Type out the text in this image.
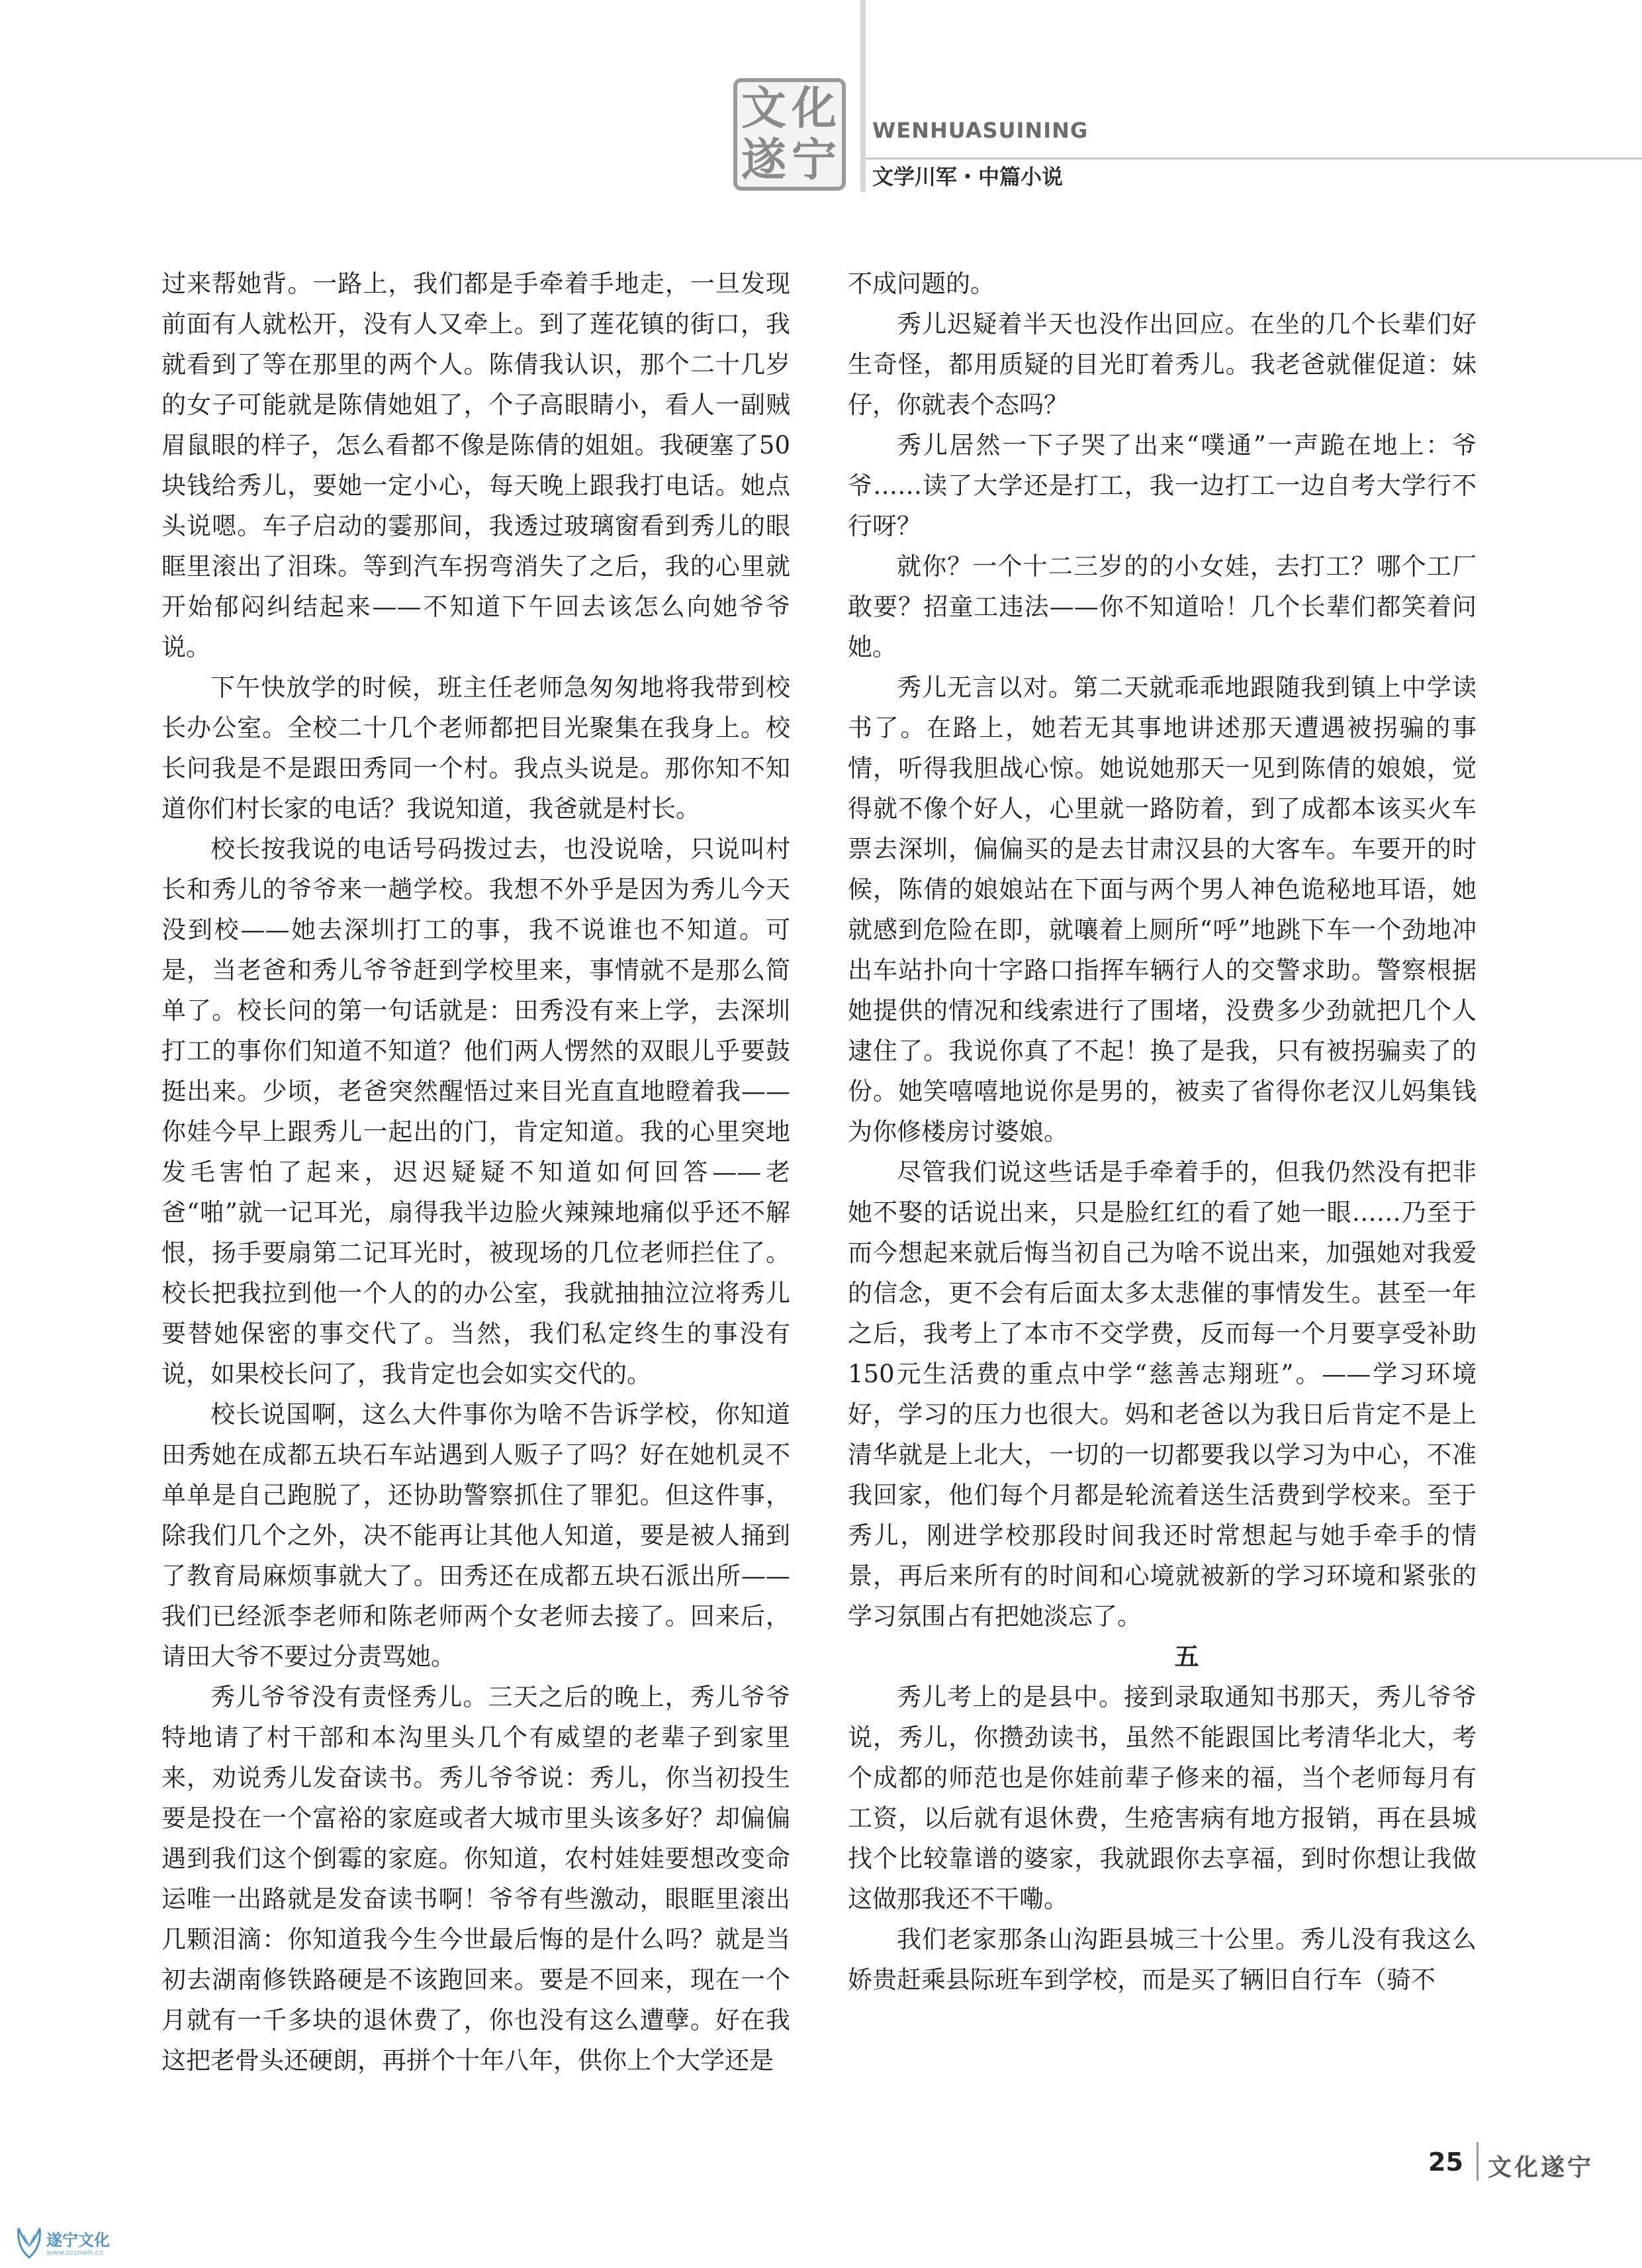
化
文
宁
遂
WENHUASUINING
文学川军・中篇小说

过来帮她背。一路上，我们都是手牵着手地走，一旦发现前面有人就松开，没有人又牵上。到了莲花镇的街口，我就看到了等在那里的两个人。陈倩我认识，那个二十几岁的女子可能就是陈倩她姐了，个子高眼睛小，看人一副贼眉鼠眼的样子，怎么看都不像是陈倩的姐姐。我硬塞了50块钱给秀儿，要她一定小心，每天晚上跟我打电话。她点头说嗯。车子启动的霎那间，我透过玻璃窗看到秀儿的眼眶里滚出了泪珠。等到汽车拐弯消失了之后，我的心里就开始郁闷纠结起来——不知道下午回去该怎么向她爷爷说。

下午快放学的时候，班主任老师急匆匆地将我带到校长办公室。全校二十几个老师都把目光聚集在我身上。校长问我是不是跟田秀同一个村。我点头说是。那你知不知道你们村长家的电话？我说知道，我爸就是村长。

校长按我说的电话号码拨过去，也没说啥，只说叫村长和秀儿的爷爷来一趟学校。我想不外乎是因为秀儿今天没到校——她去深圳打工的事，我不说谁也不知道。可是，当老爸和秀儿爷爷赶到学校里来，事情就不是那么简单了。校长问的第一句话就是：田秀没有来上学，去深圳打工的事你们知道不知道？他们两人愣然的双眼儿乎要鼓挺出来。少顷，老爸突然醒悟过来目光直直地瞪着我——你娃今早上跟秀儿一起出的门，肯定知道。我的心里突地发毛害怕了起来，迟迟疑疑不知道如何回答——老爸“啪”就一记耳光，扇得我半边脸火辣辣地痛似乎还不解恨，扬手要扇第二记耳光时，被现场的几位老师拦住了。校长把我拉到他一个人的的办公室，我就抽抽泣泣将秀儿要替她保密的事交代了。当然，我们私定终生的事没有说，如果校长问了，我肯定也会如实交代的。

校长说国啊，这么大件事你为啥不告诉学校，你知道田秀她在成都五块石车站遇到人贩子了吗？好在她机灵不单单是自己跑脱了，还协助警察抓住了罪犯。但这件事，除我们几个之外，决不能再让其他人知道，要是被人捅到了教育局麻烦事就大了。田秀还在成都五块石派出所——我们已经派李老师和陈老师两个女老师去接了。回来后，请田大爷不要过分责骂她。

秀儿爷爷没有责怪秀儿。三天之后的晚上，秀儿爷爷特地请了村干部和本沟里头几个有威望的老辈子到家里来，劝说秀儿发奋读书。秀儿爷爷说：秀儿，你当初投生要是投在一个富裕的家庭或者大城市里头该多好？却偏偏遇到我们这个倒霉的家庭。你知道，农村娃娃要想改变命运唯一出路就是发奋读书啊！爷爷有些激动，眼眶里滚出几颗泪滴：你知道我今生今世最后悔的是什么吗？就是当初去湖南修铁路硬是不该跑回来。要是不回来，现在一个月就有一千多块的退休费了，你也没有这么遭孽。好在我这把老骨头还硬朗，再拼个十年八年，供你上个大学还是

不成问题的。

秀儿迟疑着半天也没作出回应。在坐的几个长辈们好生奇怪，都用质疑的目光盯着秀儿。我老爸就催促道：妹仔，你就表个态吗？

秀儿居然一下子哭了出来“噗通”一声跪在地上：爷爷……读了大学还是打工，我一边打工一边自考大学行不行呀？

就你？一个十二三岁的的小女娃，去打工？哪个工厂敢要？招童工违法——你不知道哈！几个长辈们都笑着问她。

秀儿无言以对。第二天就乖乖地跟随我到镇上中学读书了。在路上，她若无其事地讲述那天遭遇被拐骗的事情，听得我胆战心惊。她说她那天一见到陈倩的娘娘，觉得就不像个好人，心里就一路防着，到了成都本该买火车票去深圳，偏偏买的是去甘肃汉县的大客车。车要开的时候，陈倩的娘娘站在下面与两个男人神色诡秘地耳语，她就感到危险在即，就嚷着上厕所“呼”地跳下车一个劲地冲出车站扑向十字路口指挥车辆行人的交警求助。警察根据她提供的情况和线索进行了围堵，没费多少劲就把几个人逮住了。我说你真了不起！换了是我，只有被拐骗卖了的份。她笑嘻嘻地说你是男的，被卖了省得你老汉儿妈集钱为你修楼房讨婆娘。

尽管我们说这些话是手牵着手的，但我仍然没有把非她不娶的话说出来，只是脸红红的看了她一眼……乃至于而今想起来就后悔当初自己为啥不说出来，加强她对我爱的信念，更不会有后面太多太悲催的事情发生。甚至一年之后，我考上了本市不交学费，反而每一个月要享受补助150元生活费的重点中学“慈善志翔班”。——学习环境好，学习的压力也很大。妈和老爸以为我日后肯定不是上清华就是上北大，一切的一切都要我以学习为中心，不准我回家，他们每个月都是轮流着送生活费到学校来。至于秀儿，刚进学校那段时间我还时常想起与她手牵手的情景，再后来所有的时间和心境就被新的学习环境和紧张的学习氛围占有把她淡忘了。

五

秀儿考上的是县中。接到录取通知书那天，秀儿爷爷说，秀儿，你攒劲读书，虽然不能跟国比考清华北大，考个成都的师范也是你娃前辈子修来的福，当个老师每月有工资，以后就有退休费，生疮害病有地方报销，再在县城找个比较靠谱的婆家，我就跟你去享福，到时你想让我做这做那我还不干嘞。

我们老家那条山沟距县城三十公里。秀儿没有我这么娇贵赶乘县际班车到学校，而是买了辆旧自行车（骑不

25 文化遂宁
遂宁文化
www.scsnwh.cn
